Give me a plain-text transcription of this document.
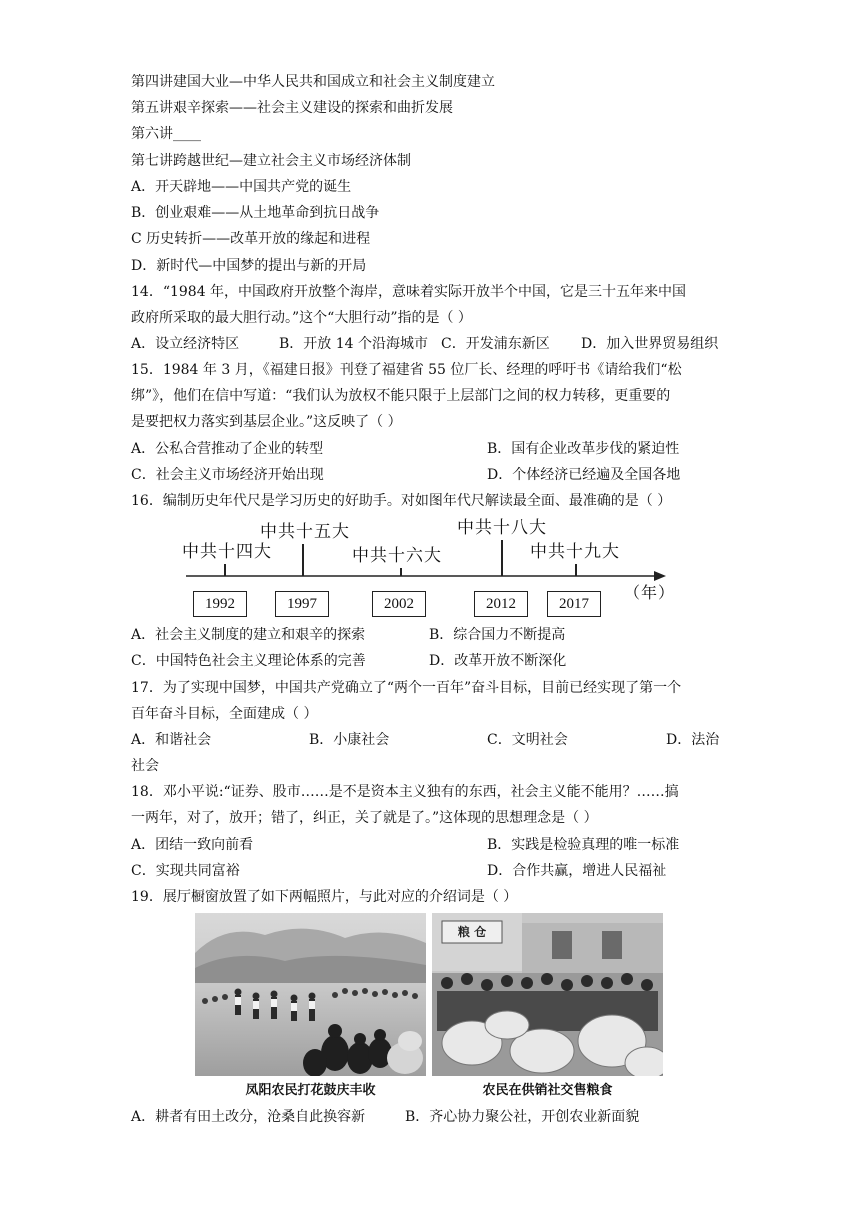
第四讲建国大业—中华人民共和国成立和社会主义制度建立
第五讲艰辛探索——社会主义建设的探索和曲折发展
第六讲____
第七讲跨越世纪—建立社会主义市场经济体制
A．开天辟地——中国共产党的诞生
B．创业艰难——从土地革命到抗日战争
C 历史转折——改革开放的缘起和进程
D．新时代—中国梦的提出与新的开局
14．“1984 年，中国政府开放整个海岸，意味着实际开放半个中国，它是三十五年来中国
政府所采取的最大胆行动。”这个“大胆行动”指的是（ ）
A．设立经济特区	B．开放 14 个沿海城市 C．开发浦东新区 D．加入世界贸易组织
15．1984 年 3 月，《福建日报》刊登了福建省 55 位厂长、经理的呼吁书《请给我们“松
绑”》，他们在信中写道：“我们认为放权不能只限于上层部门之间的权力转移，更重要的
是要把权力落实到基层企业。”这反映了（ ）
A．公私合营推动了企业的转型	B．国有企业改革步伐的紧迫性
C．社会主义市场经济开始出现	D．个体经济已经遍及全国各地
16．编制历史年代尺是学习历史的好助手。对如图年代尺解读最全面、最准确的是（ ）
中共十四大
1992
中共十五大
1997
中共十六大
2002
中共十八大
2012
中共十九大
2017
（年）
A．社会主义制度的建立和艰辛的探索	B．综合国力不断提高
C．中国特色社会主义理论体系的完善	D．改革开放不断深化
17．为了实现中国梦，中国共产党确立了“两个一百年”奋斗目标，目前已经实现了第一个
百年奋斗目标，全面建成（ ）
A．和谐社会	B．小康社会	C．文明社会	D．法治
社会
18．邓小平说:“证券、股市……是不是资本主义独有的东西，社会主义能不能用？……搞
一两年，对了，放开；错了，纠正，关了就是了。”这体现的思想理念是（ ）
A．团结一致向前看	B．实践是检验真理的唯一标准
C．实现共同富裕	D．合作共赢，增进人民福祉
19．展厅橱窗放置了如下两幅照片，与此对应的介绍词是（ ）
凤阳农民打花鼓庆丰收
粮 仓
农民在供销社交售粮食
A．耕者有田土改分，沧桑自此换容新	B．齐心协力聚公社，开创农业新面貌
